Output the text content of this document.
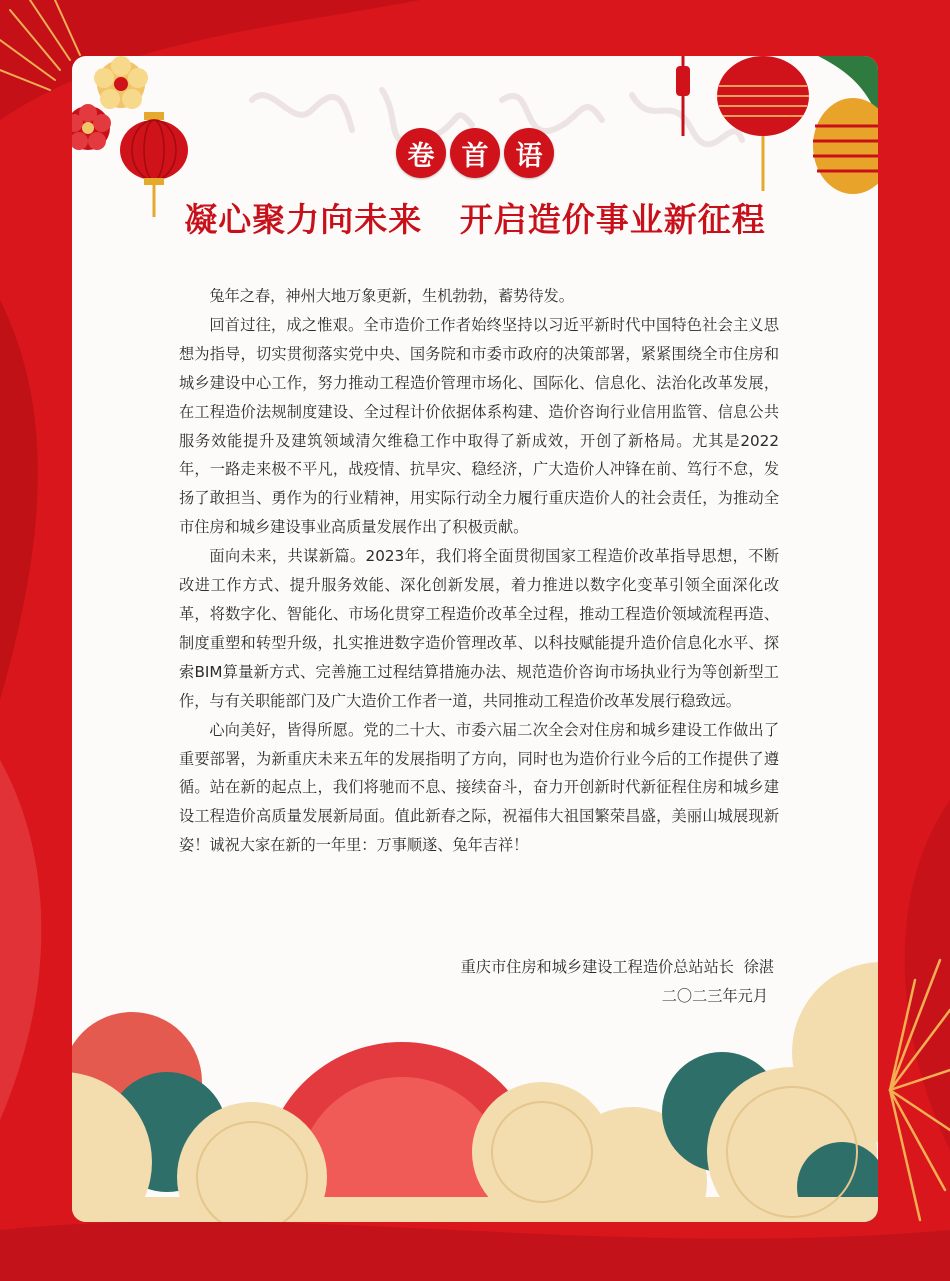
卷	首	语
凝心聚力向未来   开启造价事业新征程

兔年之春，神州大地万象更新，生机勃勃，蓄势待发。

回首过往，成之惟艰。全市造价工作者始终坚持以习近平新时代中国特色社会主义思想为指导，切实贯彻落实党中央、国务院和市委市政府的决策部署，紧紧围绕全市住房和城乡建设中心工作，努力推动工程造价管理市场化、国际化、信息化、法治化改革发展，在工程造价法规制度建设、全过程计价依据体系构建、造价咨询行业信用监管、信息公共服务效能提升及建筑领域清欠维稳工作中取得了新成效，开创了新格局。尤其是2022年，一路走来极不平凡，战疫情、抗旱灾、稳经济，广大造价人冲锋在前、笃行不怠，发扬了敢担当、勇作为的行业精神，用实际行动全力履行重庆造价人的社会责任，为推动全市住房和城乡建设事业高质量发展作出了积极贡献。

面向未来，共谋新篇。2023年，我们将全面贯彻国家工程造价改革指导思想，不断改进工作方式、提升服务效能、深化创新发展，着力推进以数字化变革引领全面深化改革，将数字化、智能化、市场化贯穿工程造价改革全过程，推动工程造价领域流程再造、制度重塑和转型升级，扎实推进数字造价管理改革、以科技赋能提升造价信息化水平、探索BIM算量新方式、完善施工过程结算措施办法、规范造价咨询市场执业行为等创新型工作，与有关职能部门及广大造价工作者一道，共同推动工程造价改革发展行稳致远。

心向美好，皆得所愿。党的二十大、市委六届二次全会对住房和城乡建设工作做出了重要部署，为新重庆未来五年的发展指明了方向，同时也为造价行业今后的工作提供了遵循。站在新的起点上，我们将驰而不息、接续奋斗，奋力开创新时代新征程住房和城乡建设工程造价高质量发展新局面。值此新春之际，祝福伟大祖国繁荣昌盛，美丽山城展现新姿！诚祝大家在新的一年里：万事顺遂、兔年吉祥！

重庆市住房和城乡建设工程造价总站站长  徐湛
二〇二三年元月
